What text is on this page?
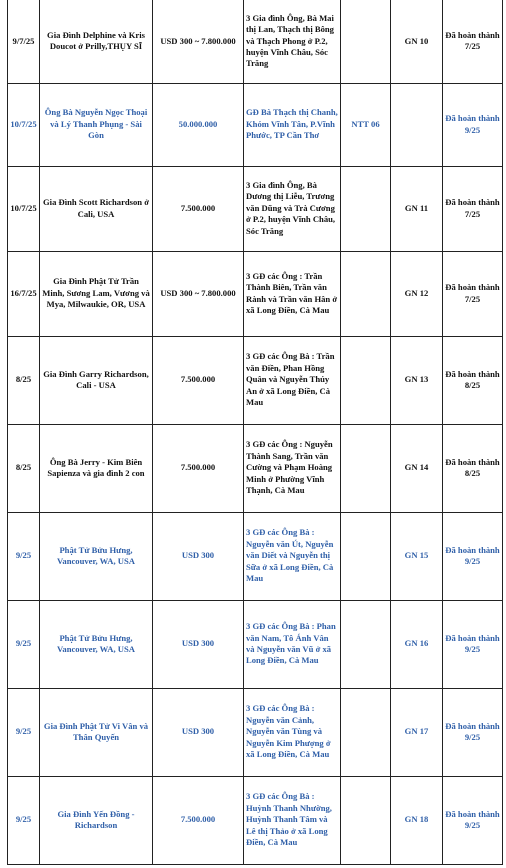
9/7/25	Gia Đình Delphine và Kris Doucot ở Prilly,THỤY SĨ	USD 300 ~ 7.800.000	3 Gia đình Ông, Bà Mai thị Lan, Thạch thị Bông và Thạch Phong ở P.2, huyện Vĩnh Châu, Sóc Trăng		GN 10	Đã hoàn thành 7/25
10/7/25	Ông Bà Nguyễn Ngọc Thoại và Lý Thanh Phụng - Sài Gòn	50.000.000	GĐ Bà Thạch thị Chanh, Khóm Vĩnh Tân, P.Vĩnh Phước, TP Cần Thơ	NTT 06		Đã hoàn thành 9/25
10/7/25	Gia Đình Scott Richardson ở Cali, USA	7.500.000	3 Gia đình Ông, Bà Dương thị Liễu, Trương văn Dũng và Trà Cương ở P.2, huyện Vĩnh Châu, Sóc Trăng		GN 11	Đã hoàn thành 7/25
16/7/25	Gia Đình Phật Tử Trần Minh, Sương Lam, Vương và Mya, Milwaukie, OR, USA	USD 300 ~ 7.800.000	3 GĐ các Ông : Trần Thành Biên, Trần văn Rành và Trần văn Hân ở xã Long Điền, Cà Mau		GN 12	Đã hoàn thành 7/25
8/25	Gia Đình Garry Richardson, Cali - USA	7.500.000	3 GĐ các Ông Bà : Trần văn Điền, Phan Hồng Quân và Nguyễn Thúy An ở xã Long Điền, Cà Mau		GN 13	Đã hoàn thành 8/25
8/25	Ông Bà Jerry - Kim Biên Sapienza và gia đình 2 con	7.500.000	3 GĐ các Ông : Nguyễn Thành Sang, Trần văn Cường và Phạm Hoàng Minh ở Phường Vĩnh Thạnh, Cà Mau		GN 14	Đã hoàn thành 8/25
9/25	Phật Tử Bửu Hưng, Vancouver, WA, USA	USD 300	3 GĐ các Ông Bà : Nguyễn văn Út, Nguyễn văn Diết và Nguyễn thị Sữa ở xã Long Điền, Cà Mau		GN 15	Đã hoàn thành 9/25
9/25	Phật Tử Bửu Hưng, Vancouver, WA, USA	USD 300	3 GĐ các Ông Bà : Phan văn Nam, Tô Ánh Vân và Nguyễn văn Vũ ở xã Long Điền, Cà Mau		GN 16	Đã hoàn thành 9/25
9/25	Gia Đình Phật Tử Vi Vân và Thân Quyến	USD 300	3 GĐ các Ông Bà : Nguyễn văn Cảnh, Nguyễn văn Tùng và Nguyễn Kim Phượng ở xã Long Điền, Cà Mau		GN 17	Đã hoàn thành 9/25
9/25	Gia Đình Yến Đồng - Richardson	7.500.000	3 GĐ các Ông Bà : Huỳnh Thanh Nhường, Huỳnh Thanh Tâm và Lê thị Thảo ở xã Long Điền, Cà Mau		GN 18	Đã hoàn thành 9/25
